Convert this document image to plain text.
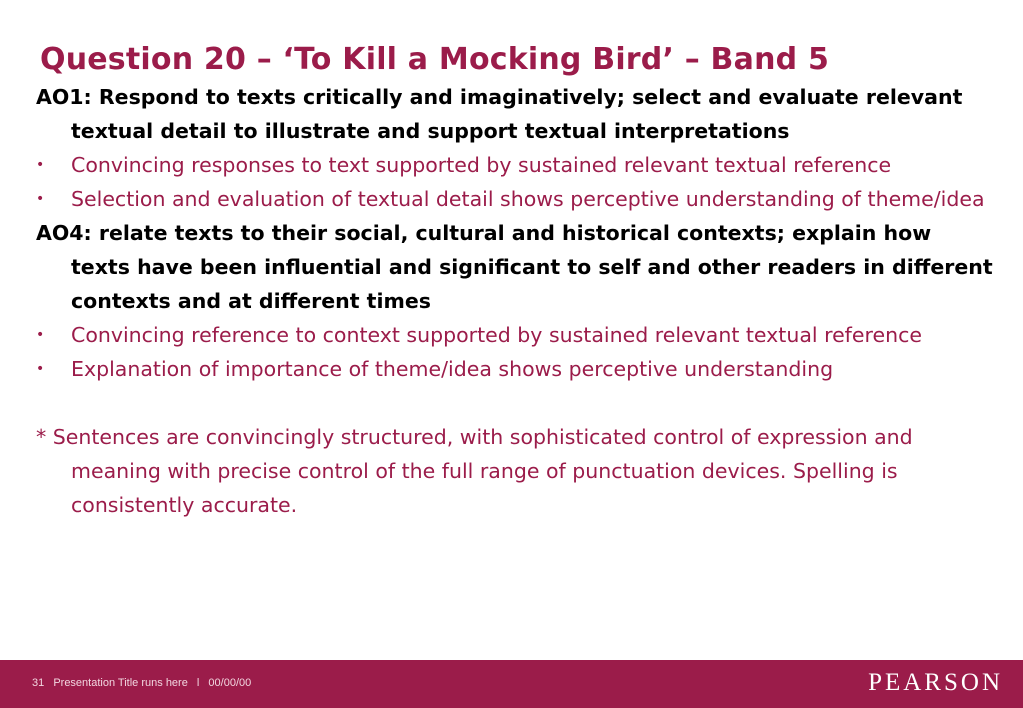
Question 20 – ‘To Kill a Mocking Bird’ – Band 5

AO1: Respond to texts critically and imaginatively; select and evaluate relevant textual detail to illustrate and support textual interpretations

•	Convincing responses to text supported by sustained relevant textual reference
•	Selection and evaluation of textual detail shows perceptive understanding of theme/idea

AO4: relate texts to their social, cultural and historical contexts; explain how texts have been influential and significant to self and other readers in different contexts and at different times

•	Convincing reference to context supported by sustained relevant textual reference
•	Explanation of importance of theme/idea shows perceptive understanding

* Sentences are convincingly structured, with sophisticated control of expression and meaning with precise control of the full range of punctuation devices. Spelling is consistently accurate.

31 Presentation Title runs here l 00/00/00	PEARSON
